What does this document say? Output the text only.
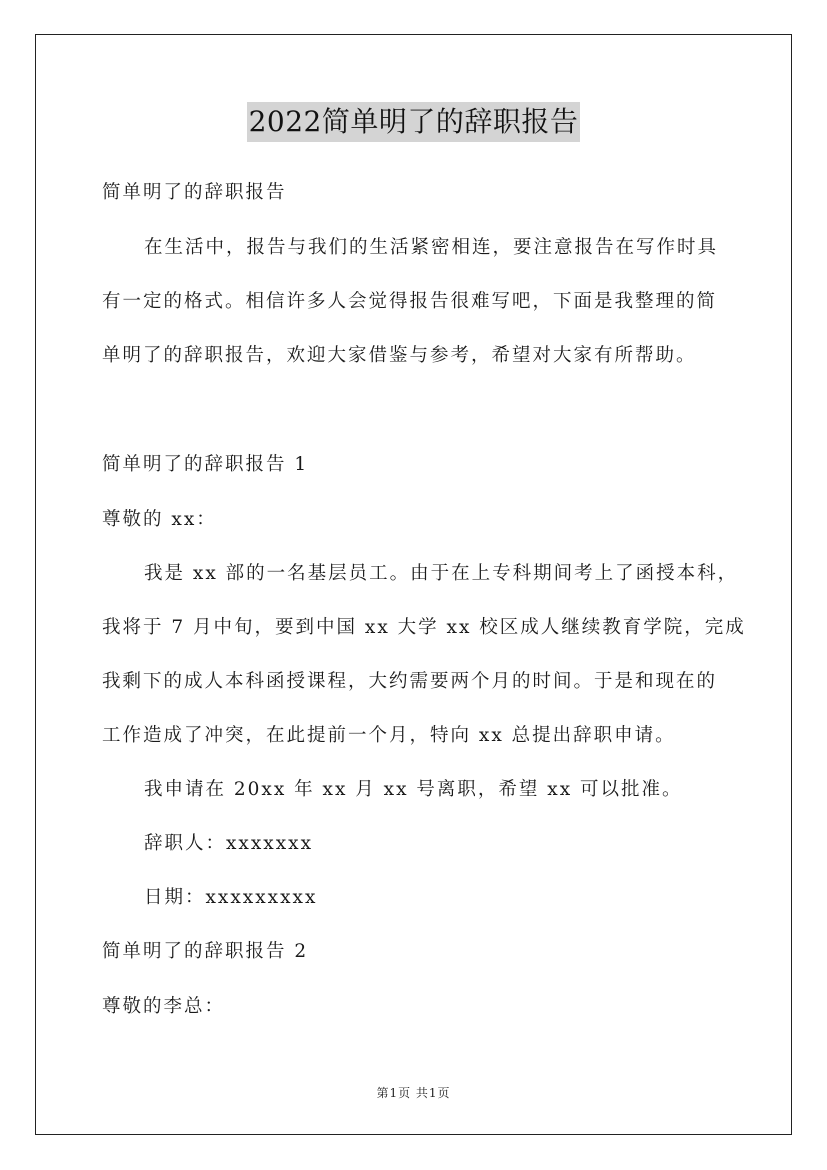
2022简单明了的辞职报告
简单明了的辞职报告
在生活中，报告与我们的生活紧密相连，要注意报告在写作时具
有一定的格式。相信许多人会觉得报告很难写吧，下面是我整理的简
单明了的辞职报告，欢迎大家借鉴与参考，希望对大家有所帮助。
简单明了的辞职报告 1
尊敬的 xx：
我是 xx 部的一名基层员工。由于在上专科期间考上了函授本科，
我将于 7 月中旬，要到中国 xx 大学 xx 校区成人继续教育学院，完成
我剩下的成人本科函授课程，大约需要两个月的时间。于是和现在的
工作造成了冲突，在此提前一个月，特向 xx 总提出辞职申请。
我申请在 20xx 年 xx 月 xx 号离职，希望 xx 可以批准。
辞职人：xxxxxxx
日期：xxxxxxxxx
简单明了的辞职报告 2
尊敬的李总：
第1页 共1页
